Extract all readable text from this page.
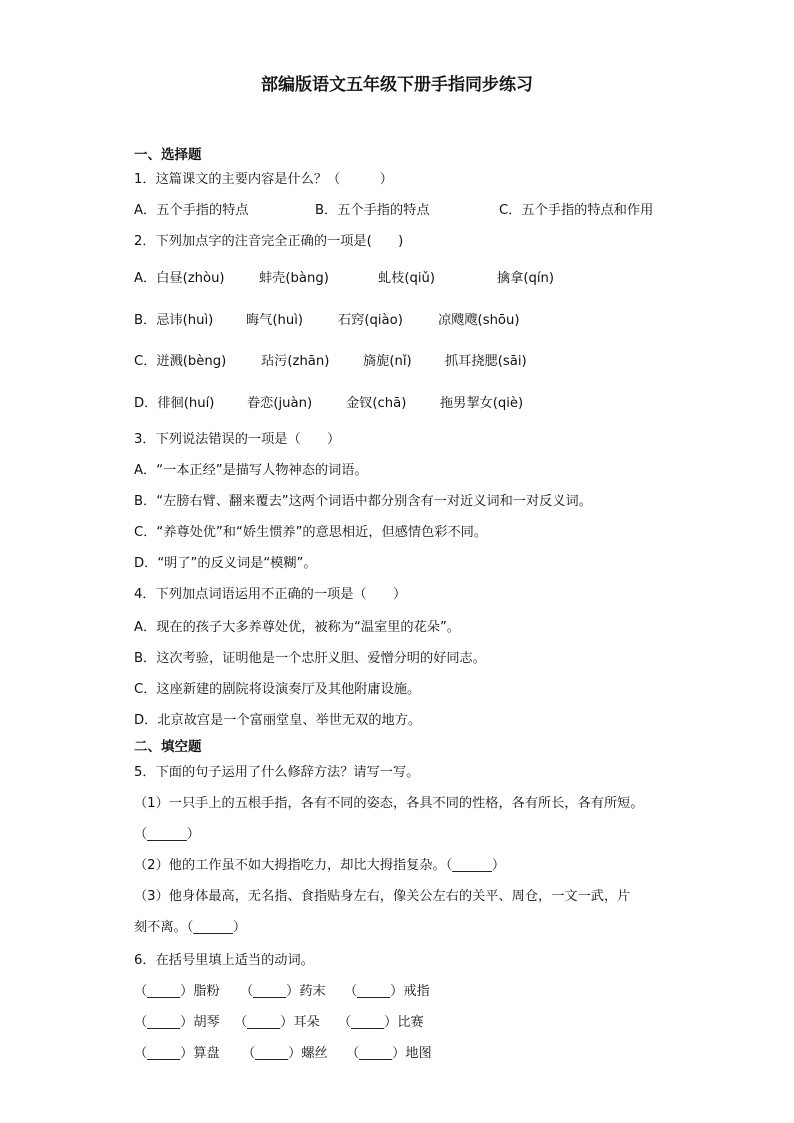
部编版语文五年级下册手指同步练习
一、选择题
1．这篇课文的主要内容是什么？（　　　）
A．五个手指的特点	B．五个手指的特点	C．五个手指的特点和作用
2．下列加点字的注音完全正确的一项是(　　)
A．白昼(zhòu)	蚌壳(bàng)	虬枝(qiǔ)	擒拿(qín)
B．忌讳(huì) 晦气(huì)	石窍(qiào)	凉飕飕(shōu)
C．迸溅(bèng)	玷污(zhān)	旖旎(nǐ)	抓耳挠腮(sāi)
D．徘徊(huí) 眷恋(juàn)	金钗(chā)	拖男挈女(qiè)
3．下列说法错误的一项是（　　）
A．“一本正经”是描写人物神态的词语。
B．“左膀右臂、翻来覆去”这两个词语中都分别含有一对近义词和一对反义词。
C．“养尊处优”和“娇生惯养”的意思相近，但感情色彩不同。
D．“明了”的反义词是“模糊”。
4．下列加点词语运用不正确的一项是（　　）
A．现在的孩子大多养尊处优，被称为“温室里的花朵”。
B．这次考验，证明他是一个忠肝义胆、爱憎分明的好同志。
C．这座新建的剧院将设演奏厅及其他附庸设施。
D．北京故宫是一个富丽堂皇、举世无双的地方。
二、填空题
5．下面的句子运用了什么修辞方法？请写一写。
（1）一只手上的五根手指，各有不同的姿态，各具不同的性格，各有所长，各有所短。
（______）
（2）他的工作虽不如大拇指吃力，却比大拇指复杂。（______）
（3）他身体最高，无名指、食指贴身左右，像关公左右的关平、周仓，一文一武，片
刻不离。（______）
6．在括号里填上适当的动词。
（_____）脂粉 （_____）药末 （_____）戒指
（_____）胡琴 （_____）耳朵 （_____）比赛
（_____）算盘 （_____）螺丝 （_____）地图
